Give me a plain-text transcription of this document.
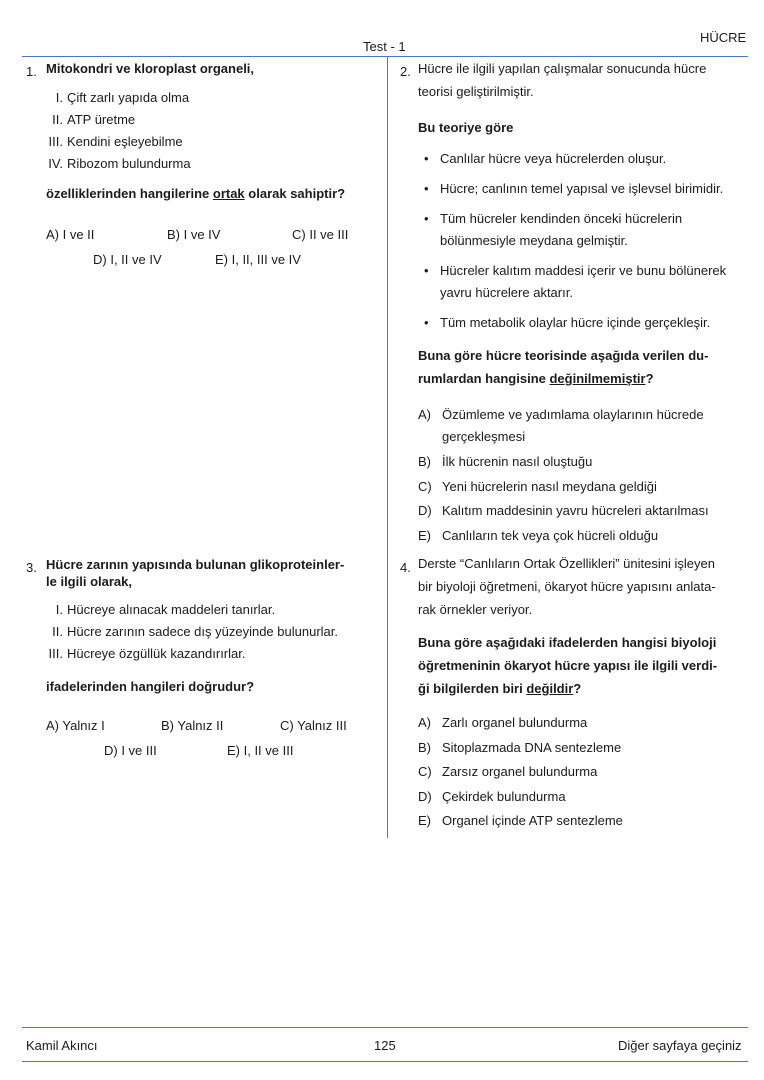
Test - 1
HÜCRE
1. Mitokondri ve kloroplast organeli,
I. Çift zarlı yapıda olma
II. ATP üretme
III. Kendini eşleyebilme
IV. Ribozom bulundurma
özelliklerinden hangilerine ortak olarak sahiptir?
A) I ve II	B) I ve IV	C) II ve III
D) I, II ve IV	E) I, II, III ve IV
2. Hücre ile ilgili yapılan çalışmalar sonucunda hücre
teorisi geliştirilmiştir.
Bu teoriye göre
• Canlılar hücre veya hücrelerden oluşur.
• Hücre; canlının temel yapısal ve işlevsel birimidir.
• Tüm hücreler kendinden önceki hücrelerin bölünmesiyle meydana gelmiştir.
• Hücreler kalıtım maddesi içerir ve bunu bölünerek yavru hücrelere aktarır.
• Tüm metabolik olaylar hücre içinde gerçekleşir.
Buna göre hücre teorisinde aşağıda verilen du-
rumlardan hangisine değinilmemiştir?
A) Özümleme ve yadımlama olaylarının hücrede gerçekleşmesi
B) İlk hücrenin nasıl oluştuğu
C) Yeni hücrelerin nasıl meydana geldiği
D) Kalıtım maddesinin yavru hücreleri aktarılması
E) Canlıların tek veya çok hücreli olduğu
3. Hücre zarının yapısında bulunan glikoproteinler-
le ilgili olarak,
I. Hücreye alınacak maddeleri tanırlar.
II. Hücre zarının sadece dış yüzeyinde bulunurlar.
III. Hücreye özgüllük kazandırırlar.
ifadelerinden hangileri doğrudur?
A) Yalnız I	B) Yalnız II	C) Yalnız III
D) I ve III	E) I, II ve III
4. Derste “Canlıların Ortak Özellikleri” ünitesini işleyen
bir biyoloji öğretmeni, ökaryot hücre yapısını anlata-
rak örnekler veriyor.
Buna göre aşağıdaki ifadelerden hangisi biyoloji
öğretmeninin ökaryot hücre yapısı ile ilgili verdi-
ği bilgilerden biri değildir?
A) Zarlı organel bulundurma
B) Sitoplazmada DNA sentezleme
C) Zarsız organel bulundurma
D) Çekirdek bulundurma
E) Organel içinde ATP sentezleme
Kamil Akıncı	125	Diğer sayfaya geçiniz
